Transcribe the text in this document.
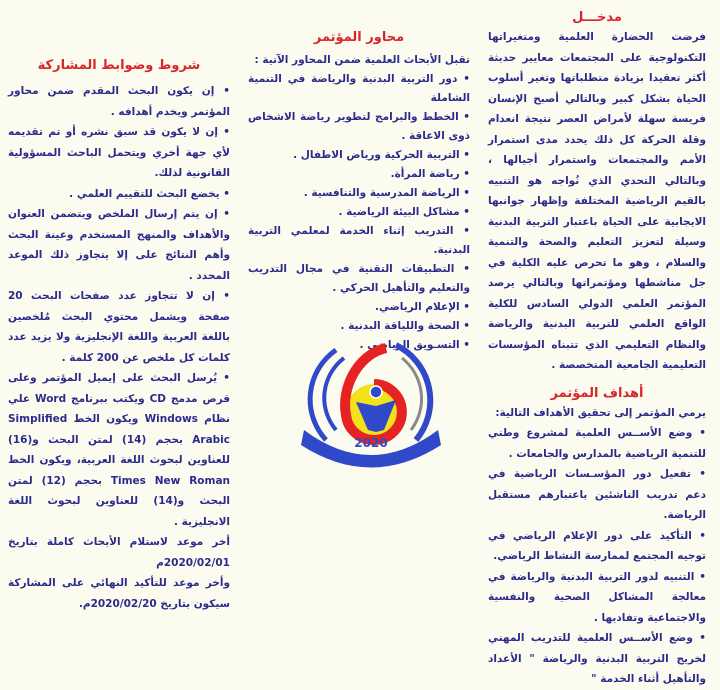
مدخـــل

فرضت الحضارة العلمية ومتغيراتها التكنولوجية على المجتمعات معايير حديثة أكثر تعقيدا بزيادة متطلباتها وتغير أسلوب الحياة بشكل كبير وبالتالي أصبح الإنسان فريسة سهلة لأمراض العصر نتيجة انعدام وقلة الحركة كل ذلك يحدد مدى استمرار الأمم والمجتمعات واستمرار أجيالها ، وبالتالي التحدي الذي نُواجه هو التنبيه بالقيم الرياضية المختلفة وإظهار جوانبها الايجابية على الحياة باعتبار التربية البدنية وسيلة لتعزيز التعليم والصحة والتنمية والسلام ، وهو ما تحرص عليه الكلية في جل مناشطها ومؤتمراتها وبالتالي يرصد المؤتمر العلمي الدولي السادس للكلية الواقع العلمي للتربية البدنية والرياضة والنظام التعليمي الذي تتبناه المؤسسات التعليمية الجامعية المتخصصة .

أهداف المؤتمر

يرمي المؤتمر إلى تحقيق الأهداف التالية:

• وضع الأســس العلمية لمشروع وطني للتنمية الرياضية بالمدارس والجامعات .
• تفعيل دور المؤسـسات الرياضية في دعم تدريب الناشئين باعتبارهم مستقبل الرياضة.
• التأكيد على دور الإعلام الرياضي في توجيه المجتمع لممارسة النشاط الرياضي.
• التنبيه لدور التربية البدنية والرياضة في معالجة المشاكل الصحية والنفسية والاجتماعية وتفاديها .
• وضع الأســس العلمية للتدريب المهني لخريج التربية البدنية والرياضة " الأعداد والتأهيل أثناء الخدمة "
محاور المؤتمر

تقبل الأبحاث العلمية ضمن المحاور الآتية :

• دور التربية البدنية والرياضة في التنمية الشاملة
• الخطط والبرامج لتطوير رياضة الاشخاص ذوى الاعاقة .
• التربية الحركية ورياض الاطفال .
• رياضة المرأة.
• الرياضة المدرسية والتنافسية .
• مشاكل البيئة الرياضية .
• التدريب إثناء الخدمة لمعلمي التربية البدنية.
• التطبيقات التقنية في مجال التدريب والتعليم والتأهيل الحركي .
• الإعلام الرياضي.
• الصحة واللياقة البدنية .
• التسـويق الرياضي .
شروط وضوابط المشاركة
• إن يكون البحث المقدم ضمن محاور المؤتمر ويخدم أهدافه .
• إن لا يكون قد سبق نشره أو تم تقديمه لأي جهة أخري ويتحمل الباحث المسؤولية القانونية لذلك.
• يخضع البحث للتقييم العلمي .
• إن يتم إرسال الملخص ويتضمن العنوان والأهداف والمنهج المستخدم وعينة البحث وأهم النتائج على إلا يتجاوز ذلك الموعد المحدد .
• إن لا تتجاوز عدد صفحات البحث 20 صفحة ويشمل محتوي البحث مُلخصين باللغة العربية واللغة الإنجليزية ولا يزيد عدد كلمات كل ملخص عن 200 كلمة .
• يُرسل البحث على إيميل المؤتمر وعلى قرص مدمج CD ويكتب ببرنامج Word علي نظام Windows ويكون الخط Simplified Arabic بحجم (14) لمتن البحث و(16) للعناوين لبحوث اللغة العربية، ويكون الخط Times New Roman بحجم (12) لمتن البحث و(14) للعناوين لبحوث اللغة الانجليزية .

أخر موعد لاستلام الأبحاث كاملة بتاريخ 2020/02/01م

وأخر موعد للتأكيد النهائي على المشاركة سيكون بتاريخ 2020/02/20م.

2020
